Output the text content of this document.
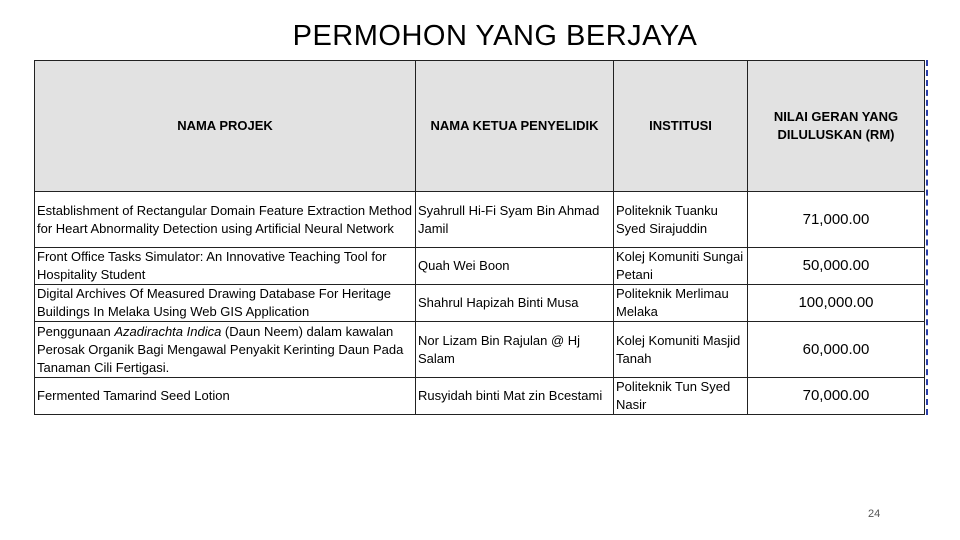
PERMOHON YANG BERJAYA
NAMA PROJEK	NAMA KETUA PENYELIDIK	INSTITUSI	NILAI GERAN YANG DILULUSKAN (RM)
Establishment of Rectangular Domain Feature Extraction Method for Heart Abnormality Detection using Artificial Neural Network	Syahrull Hi-Fi Syam Bin Ahmad Jamil	Politeknik Tuanku Syed Sirajuddin	71,000.00
Front Office Tasks Simulator: An Innovative Teaching Tool for Hospitality Student	Quah Wei Boon	Kolej Komuniti Sungai Petani	50,000.00
Digital Archives Of Measured Drawing Database For Heritage Buildings In Melaka Using Web GIS Application	Shahrul Hapizah Binti Musa	Politeknik Merlimau Melaka	100,000.00
Penggunaan Azadirachta Indica (Daun Neem) dalam kawalan Perosak Organik Bagi Mengawal Penyakit Kerinting Daun Pada Tanaman Cili Fertigasi.	Nor Lizam Bin Rajulan @ Hj Salam	Kolej Komuniti Masjid Tanah	60,000.00
Fermented Tamarind Seed Lotion	Rusyidah binti Mat zin Bcestami	Politeknik Tun Syed Nasir	70,000.00
24
